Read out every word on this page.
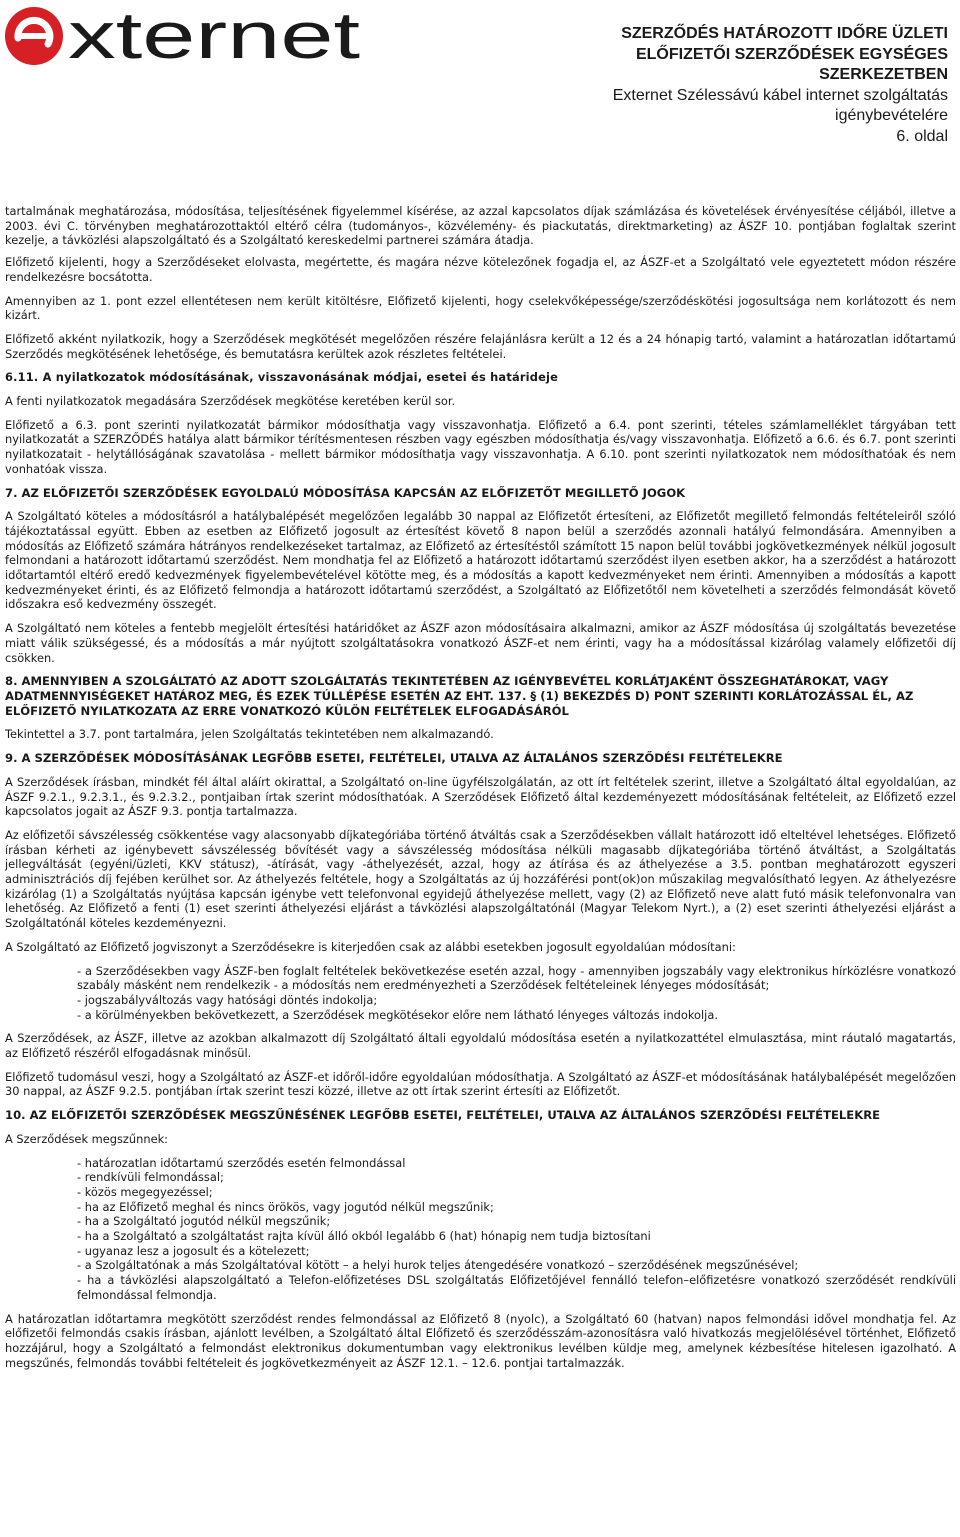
xternet	SZERZŐDÉS HATÁROZOTT IDŐRE ÜZLETI
ELŐFIZETŐI SZERZŐDÉSEK EGYSÉGES
SZERKEZETBEN
Externet Szélessávú kábel internet szolgáltatás
igénybevételére
6. oldal

tartalmának meghatározása, módosítása, teljesítésének figyelemmel kísérése, az azzal kapcsolatos díjak számlázása és követelések érvényesítése céljából, illetve a 2003. évi C. törvényben meghatározottaktól eltérő célra (tudományos-, közvélemény- és piackutatás, direktmarketing) az ÁSZF 10. pontjában foglaltak szerint kezelje, a távközlési alapszolgáltató és a Szolgáltató kereskedelmi partnerei számára átadja.

Előfizető kijelenti, hogy a Szerződéseket elolvasta, megértette, és magára nézve kötelezőnek fogadja el, az ÁSZF-et a Szolgáltató vele egyeztetett módon részére rendelkezésre bocsátotta.

Amennyiben az 1. pont ezzel ellentétesen nem került kitöltésre, Előfizető kijelenti, hogy cselekvőképessége/szerződéskötési jogosultsága nem korlátozott és nem kizárt.

Előfizető akként nyilatkozik, hogy a Szerződések megkötését megelőzően részére felajánlásra került a 12 és a 24 hónapig tartó, valamint a határozatlan időtartamú Szerződés megkötésének lehetősége, és bemutatásra kerültek azok részletes feltételei.

6.11. A nyilatkozatok módosításának, visszavonásának módjai, esetei és határideje

A fenti nyilatkozatok megadására Szerződések megkötése keretében kerül sor.

Előfizető a 6.3. pont szerinti nyilatkozatát bármikor módosíthatja vagy visszavonhatja. Előfizető a 6.4. pont szerinti, tételes számlamelléklet tárgyában tett nyilatkozatát a SZERZŐDÉS hatálya alatt bármikor térítésmentesen részben vagy egészben módosíthatja és/vagy visszavonhatja. Előfizető a 6.6. és 6.7. pont szerinti nyilatkozatait - helytállóságának szavatolása - mellett bármikor módosíthatja vagy visszavonhatja. A 6.10. pont szerinti nyilatkozatok nem módosíthatóak és nem vonhatóak vissza.

7. AZ ELŐFIZETŐI SZERZŐDÉSEK EGYOLDALÚ MÓDOSÍTÁSA KAPCSÁN AZ ELŐFIZETŐT MEGILLETŐ JOGOK

A Szolgáltató köteles a módosításról a hatálybalépését megelőzően legalább 30 nappal az Előfizetőt értesíteni, az Előfizetőt megillető felmondás feltételeiről szóló tájékoztatással együtt. Ebben az esetben az Előfizető jogosult az értesítést követő 8 napon belül a szerződés azonnali hatályú felmondására. Amennyiben a módosítás az Előfizető számára hátrányos rendelkezéseket tartalmaz, az Előfizető az értesítéstől számított 15 napon belül további jogkövetkezmények nélkül jogosult felmondani a határozott időtartamú szerződést. Nem mondhatja fel az Előfizető a határozott időtartamú szerződést ilyen esetben akkor, ha a szerződést a határozott időtartamtól eltérő eredő kedvezmények figyelembevételével kötötte meg, és a módosítás a kapott kedvezményeket nem érinti. Amennyiben a módosítás a kapott kedvezményeket érinti, és az Előfizető felmondja a határozott időtartamú szerződést, a Szolgáltató az Előfizetőtől nem követelheti a szerződés felmondását követő időszakra eső kedvezmény összegét.

A Szolgáltató nem köteles a fentebb megjelölt értesítési határidőket az ÁSZF azon módosításaira alkalmazni, amikor az ÁSZF módosítása új szolgáltatás bevezetése miatt válik szükségessé, és a módosítás a már nyújtott szolgáltatásokra vonatkozó ÁSZF-et nem érinti, vagy ha a módosítással kizárólag valamely előfizetői díj csökken.

8. AMENNYIBEN A SZOLGÁLTATÓ AZ ADOTT SZOLGÁLTATÁS TEKINTETÉBEN AZ IGÉNYBEVÉTEL KORLÁTJAKÉNT ÖSSZEGHATÁROKAT, VAGY ADATMENNYISÉGEKET HATÁROZ MEG, ÉS EZEK TÚLLÉPÉSE ESETÉN AZ EHT. 137. § (1) BEKEZDÉS D) PONT SZERINTI KORLÁTOZÁSSAL ÉL, AZ ELŐFIZETŐ NYILATKOZATA AZ ERRE VONATKOZÓ KÜLÖN FELTÉTELEK ELFOGADÁSÁRÓL

Tekintettel a 3.7. pont tartalmára, jelen Szolgáltatás tekintetében nem alkalmazandó.

9. A SZERZŐDÉSEK MÓDOSÍTÁSÁNAK LEGFŐBB ESETEI, FELTÉTELEI, UTALVA AZ ÁLTALÁNOS SZERZŐDÉSI FELTÉTELEKRE

A Szerződések írásban, mindkét fél által aláírt okirattal, a Szolgáltató on-line ügyfélszolgálatán, az ott írt feltételek szerint, illetve a Szolgáltató által egyoldalúan, az ÁSZF 9.2.1., 9.2.3.1., és 9.2.3.2., pontjaiban írtak szerint módosíthatóak. A Szerződések Előfizető által kezdeményezett módosításának feltételeit, az Előfizető ezzel kapcsolatos jogait az ÁSZF 9.3. pontja tartalmazza.

Az előfizetői sávszélesség csökkentése vagy alacsonyabb díjkategóriába történő átváltás csak a Szerződésekben vállalt határozott idő elteltével lehetséges. Előfizető írásban kérheti az igénybevett sávszélesség bővítését vagy a sávszélesség módosítása nélküli magasabb díjkategóriába történő átváltást, a Szolgáltatás jellegváltását (egyéni/üzleti, KKV státusz), -átírását, vagy -áthelyezését, azzal, hogy az átírása és az áthelyezése a 3.5. pontban meghatározott egyszeri adminisztrációs díj fejében kerülhet sor. Az áthelyezés feltétele, hogy a Szolgáltatás az új hozzáférési pont(ok)on műszakilag megvalósítható legyen. Az áthelyezésre kizárólag (1) a Szolgáltatás nyújtása kapcsán igénybe vett telefonvonal egyidejű áthelyezése mellett, vagy (2) az Előfizető neve alatt futó másik telefonvonalra van lehetőség. Az Előfizető a fenti (1) eset szerinti áthelyezési eljárást a távközlési alapszolgáltatónál (Magyar Telekom Nyrt.), a (2) eset szerinti áthelyezési eljárást a Szolgáltatónál köteles kezdeményezni.

A Szolgáltató az Előfizető jogviszonyt a Szerződésekre is kiterjedően csak az alábbi esetekben jogosult egyoldalúan módosítani:

- a Szerződésekben vagy ÁSZF-ben foglalt feltételek bekövetkezése esetén azzal, hogy - amennyiben jogszabály vagy elektronikus hírközlésre vonatkozó szabály másként nem rendelkezik - a módosítás nem eredményezheti a Szerződések feltételeinek lényeges módosítását;
- jogszabályváltozás vagy hatósági döntés indokolja;
- a körülményekben bekövetkezett, a Szerződések megkötésekor előre nem látható lényeges változás indokolja.

A Szerződések, az ÁSZF, illetve az azokban alkalmazott díj Szolgáltató általi egyoldalú módosítása esetén a nyilatkozattétel elmulasztása, mint ráutaló magatartás, az Előfizető részéről elfogadásnak minősül.

Előfizető tudomásul veszi, hogy a Szolgáltató az ÁSZF-et időről-időre egyoldalúan módosíthatja. A Szolgáltató az ÁSZF-et módosításának hatálybalépését megelőzően 30 nappal, az ÁSZF 9.2.5. pontjában írtak szerint teszi közzé, illetve az ott írtak szerint értesíti az Előfizetőt.

10. AZ ELŐFIZETŐI SZERZŐDÉSEK MEGSZŰNÉSÉNEK LEGFŐBB ESETEI, FELTÉTELEI, UTALVA AZ ÁLTALÁNOS SZERZŐDÉSI FELTÉTELEKRE

A Szerződések megszűnnek:

- határozatlan időtartamú szerződés esetén felmondással
- rendkívüli felmondással;
- közös megegyezéssel;
- ha az Előfizető meghal és nincs örökös, vagy jogutód nélkül megszűnik;
- ha a Szolgáltató jogutód nélkül megszűnik;
- ha a Szolgáltató a szolgáltatást rajta kívül álló okból legalább 6 (hat) hónapig nem tudja biztosítani
- ugyanaz lesz a jogosult és a kötelezett;
- a Szolgáltatónak a más Szolgáltatóval kötött – a helyi hurok teljes átengedésére vonatkozó – szerződésének megszűnésével;
- ha a távközlési alapszolgáltató a Telefon-előfizetéses DSL szolgáltatás Előfizetőjével fennálló telefon–előfizetésre vonatkozó szerződését rendkívüli felmondással felmondja.

A határozatlan időtartamra megkötött szerződést rendes felmondással az Előfizető 8 (nyolc), a Szolgáltató 60 (hatvan) napos felmondási idővel mondhatja fel. Az előfizetői felmondás csakis írásban, ajánlott levélben, a Szolgáltató által Előfizető és szerződésszám-azonosításra való hivatkozás megjelölésével történhet, Előfizető hozzájárul, hogy a Szolgáltató a felmondást elektronikus dokumentumban vagy elektronikus levélben küldje meg, amelynek kézbesítése hitelesen igazolható. A megszűnés, felmondás további feltételeit és jogkövetkezményeit az ÁSZF 12.1. – 12.6. pontjai tartalmazzák.
